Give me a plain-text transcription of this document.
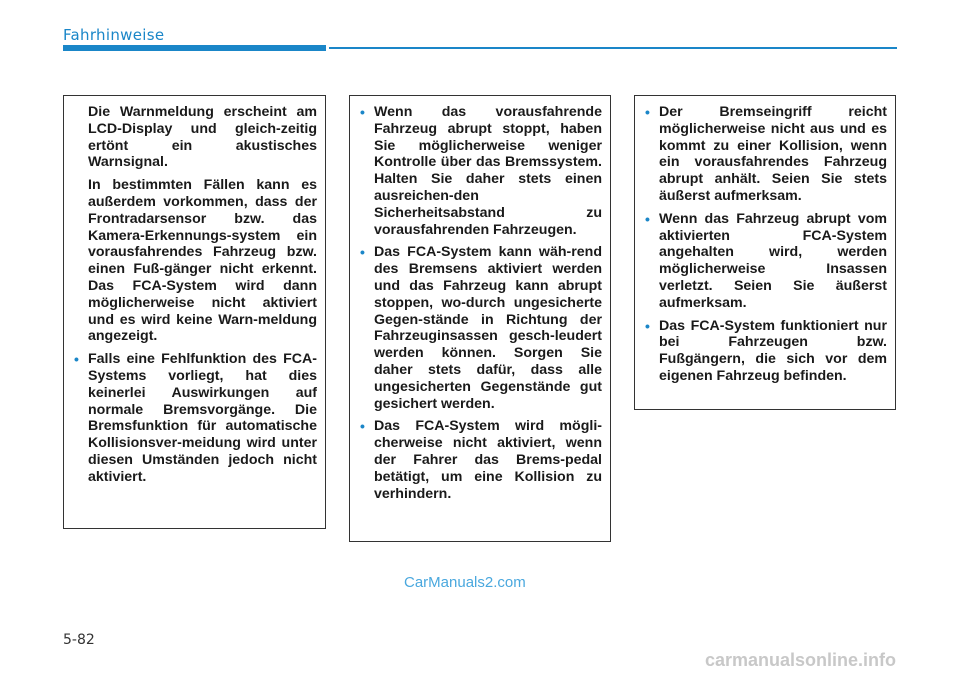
Fahrhinweise

Die Warnmeldung erscheint am LCD-Display und gleich-zeitig ertönt ein akustisches Warnsignal.

In bestimmten Fällen kann es außerdem vorkommen, dass der Frontradarsensor bzw. das Kamera-Erkennungs-system ein vorausfahrendes Fahrzeug bzw. einen Fuß-gänger nicht erkennt. Das FCA-System wird dann möglicherweise nicht aktiviert und es wird keine Warn-meldung angezeigt.

• Falls eine Fehlfunktion des FCA-Systems vorliegt, hat dies keinerlei Auswirkungen auf normale Bremsvorgänge. Die Bremsfunktion für automatische Kollisionsver-meidung wird unter diesen Umständen jedoch nicht aktiviert.
• Wenn das vorausfahrende Fahrzeug abrupt stoppt, haben Sie möglicherweise weniger Kontrolle über das Bremssystem. Halten Sie daher stets einen ausreichen-den Sicherheitsabstand zu vorausfahrenden Fahrzeugen.
• Das FCA-System kann wäh-rend des Bremsens aktiviert werden und das Fahrzeug kann abrupt stoppen, wo-durch ungesicherte Gegen-stände in Richtung der Fahrzeuginsassen gesch-leudert werden können. Sorgen Sie daher stets dafür, dass alle ungesicherten Gegenstände gut gesichert werden.
• Das FCA-System wird mögli-cherweise nicht aktiviert, wenn der Fahrer das Brems-pedal betätigt, um eine Kollision zu verhindern.
• Der Bremseingriff reicht möglicherweise nicht aus und es kommt zu einer Kollision, wenn ein vorausfahrendes Fahrzeug abrupt anhält. Seien Sie stets äußerst aufmerksam.
• Wenn das Fahrzeug abrupt vom aktivierten FCA-System angehalten wird, werden möglicherweise Insassen verletzt. Seien Sie äußerst aufmerksam.
• Das FCA-System funktioniert nur bei Fahrzeugen bzw. Fußgängern, die sich vor dem eigenen Fahrzeug befinden.
CarManuals2.com
5-82
carmanualsonline.info
